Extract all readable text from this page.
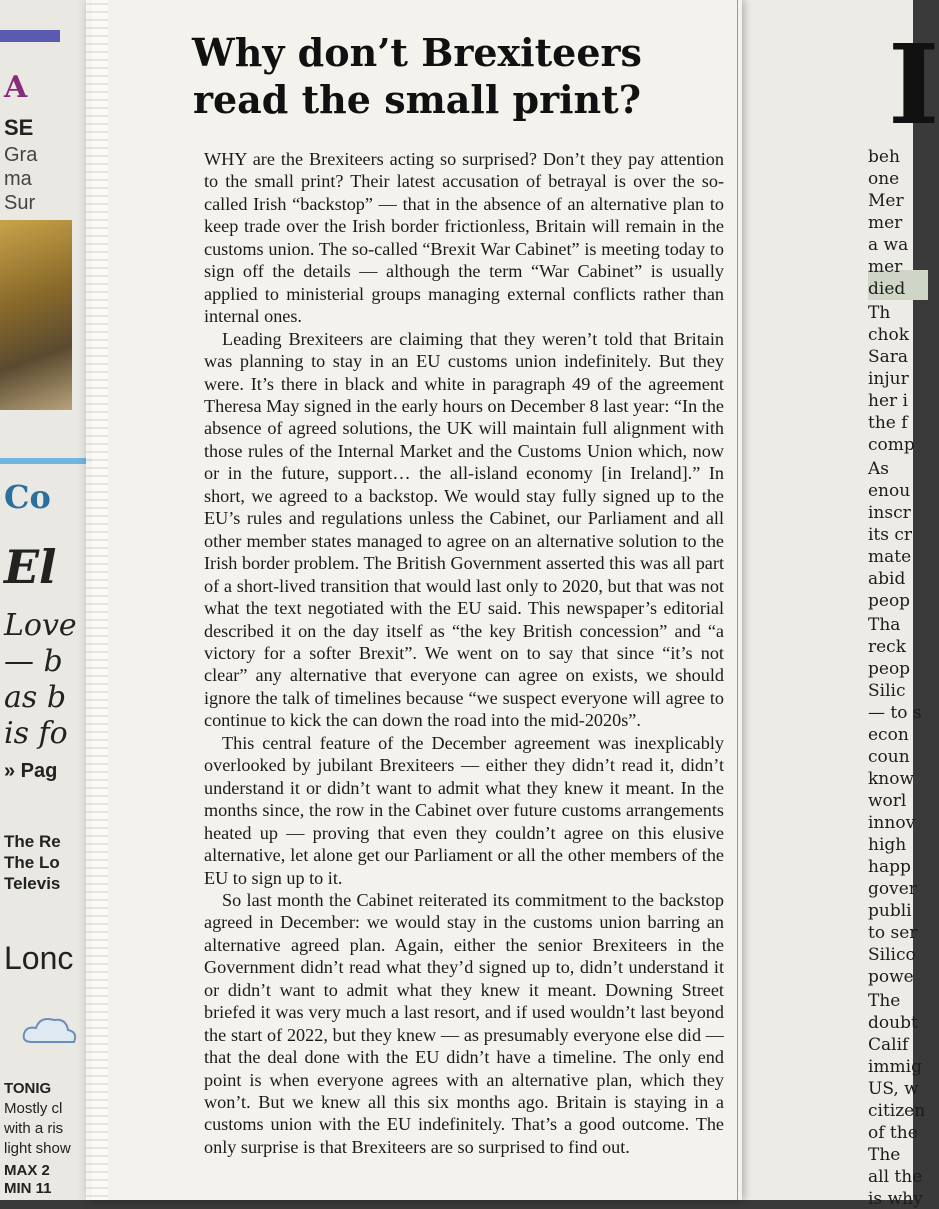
A
SE
Gra
ma
Sur
Co
El
Love
— b
as b
is fo
» Pag
The Re
The Lo
Televis
Lonc
TONIG
Mostly cl
with a ris
light show
MAX 2
MIN 11
I
beh
one
Mer
mer
a wa
mer
died
Th
chok
Sara
injur
her i
the f
comp
As
enou
inscr
its cr
mate
abid
peop
Tha
reck
peop
Silic
— to s
econ
coun
know
worl
innov
high
happ
gover
publi
to ser
Silico
powe
The
doubt
Calif
immig
US, w
citizen
of the
The
all the
is why
Why don’t Brexiteers
read the small print?

WHY are the Brexiteers acting so surprised? Don’t they pay attention to the small print? Their latest accusation of betrayal is over the so-called Irish “backstop” — that in the absence of an alternative plan to keep trade over the Irish border frictionless, Britain will remain in the customs union. The so-called “Brexit War Cabinet” is meeting today to sign off the details — although the term “War Cabinet” is usually applied to ministerial groups managing external conflicts rather than internal ones.

Leading Brexiteers are claiming that they weren’t told that Britain was planning to stay in an EU customs union indefinitely. But they were. It’s there in black and white in paragraph 49 of the agreement Theresa May signed in the early hours on December 8 last year: “In the absence of agreed solutions, the UK will maintain full alignment with those rules of the Internal Market and the Customs Union which, now or in the future, support… the all-island economy [in Ireland].” In short, we agreed to a backstop. We would stay fully signed up to the EU’s rules and regulations unless the Cabinet, our Parliament and all other member states managed to agree on an alternative solution to the Irish border problem. The British Government asserted this was all part of a short-lived transition that would last only to 2020, but that was not what the text negotiated with the EU said. This newspaper’s editorial described it on the day itself as “the key British concession” and “a victory for a softer Brexit”. We went on to say that since “it’s not clear” any alternative that everyone can agree on exists, we should ignore the talk of timelines because “we suspect everyone will agree to continue to kick the can down the road into the mid-2020s”.

This central feature of the December agreement was inexplicably overlooked by jubilant Brexiteers — either they didn’t read it, didn’t understand it or didn’t want to admit what they knew it meant. In the months since, the row in the Cabinet over future customs arrangements heated up — proving that even they couldn’t agree on this elusive alternative, let alone get our Parliament or all the other members of the EU to sign up to it.

So last month the Cabinet reiterated its commitment to the backstop agreed in December: we would stay in the customs union barring an alternative agreed plan. Again, either the senior Brexiteers in the Government didn’t read what they’d signed up to, didn’t understand it or didn’t want to admit what they knew it meant. Downing Street briefed it was very much a last resort, and if used wouldn’t last beyond the start of 2022, but they knew — as presumably everyone else did — that the deal done with the EU didn’t have a timeline. The only end point is when everyone agrees with an alternative plan, which they won’t. But we knew all this six months ago. Britain is staying in a customs union with the EU indefinitely. That’s a good outcome. The only surprise is that Brexiteers are so surprised to find out.
